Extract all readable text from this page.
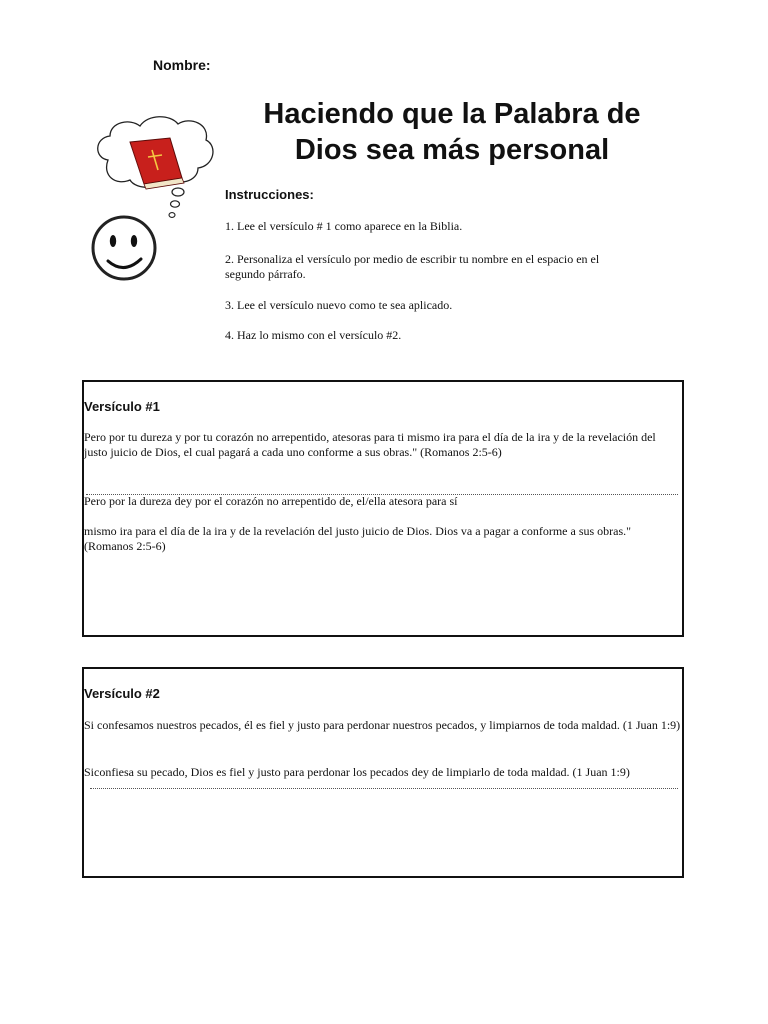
Nombre:
Haciendo que la Palabra de
Dios sea más personal
Instrucciones:
1. Lee el versículo # 1 como aparece en la Biblia.
2. Personaliza el versículo por medio de escribir tu nombre en el espacio en el
segundo párrafo.
3. Lee el versículo nuevo como te sea aplicado.
4. Haz lo mismo con el versículo #2.
Versículo #1
Pero por tu dureza y por tu corazón no arrepentido, atesoras para ti mismo ira para el día de la ira y de la revelación del
justo juicio de Dios, el cual pagará a cada uno conforme a sus obras." (Romanos 2:5-6)
Pero por la dureza dey por el corazón no arrepentido de, el/ella atesora para sí
mismo ira para el día de la ira y de la revelación del justo juicio de Dios. Dios va a pagar a conforme a sus obras."
(Romanos 2:5-6)
Versículo #2
Si confesamos nuestros pecados, él es fiel y justo para perdonar nuestros pecados, y limpiarnos de toda maldad. (1 Juan 1:9)
Siconfiesa su pecado, Dios es fiel y justo para perdonar los pecados dey de limpiarlo de toda maldad. (1 Juan 1:9)
